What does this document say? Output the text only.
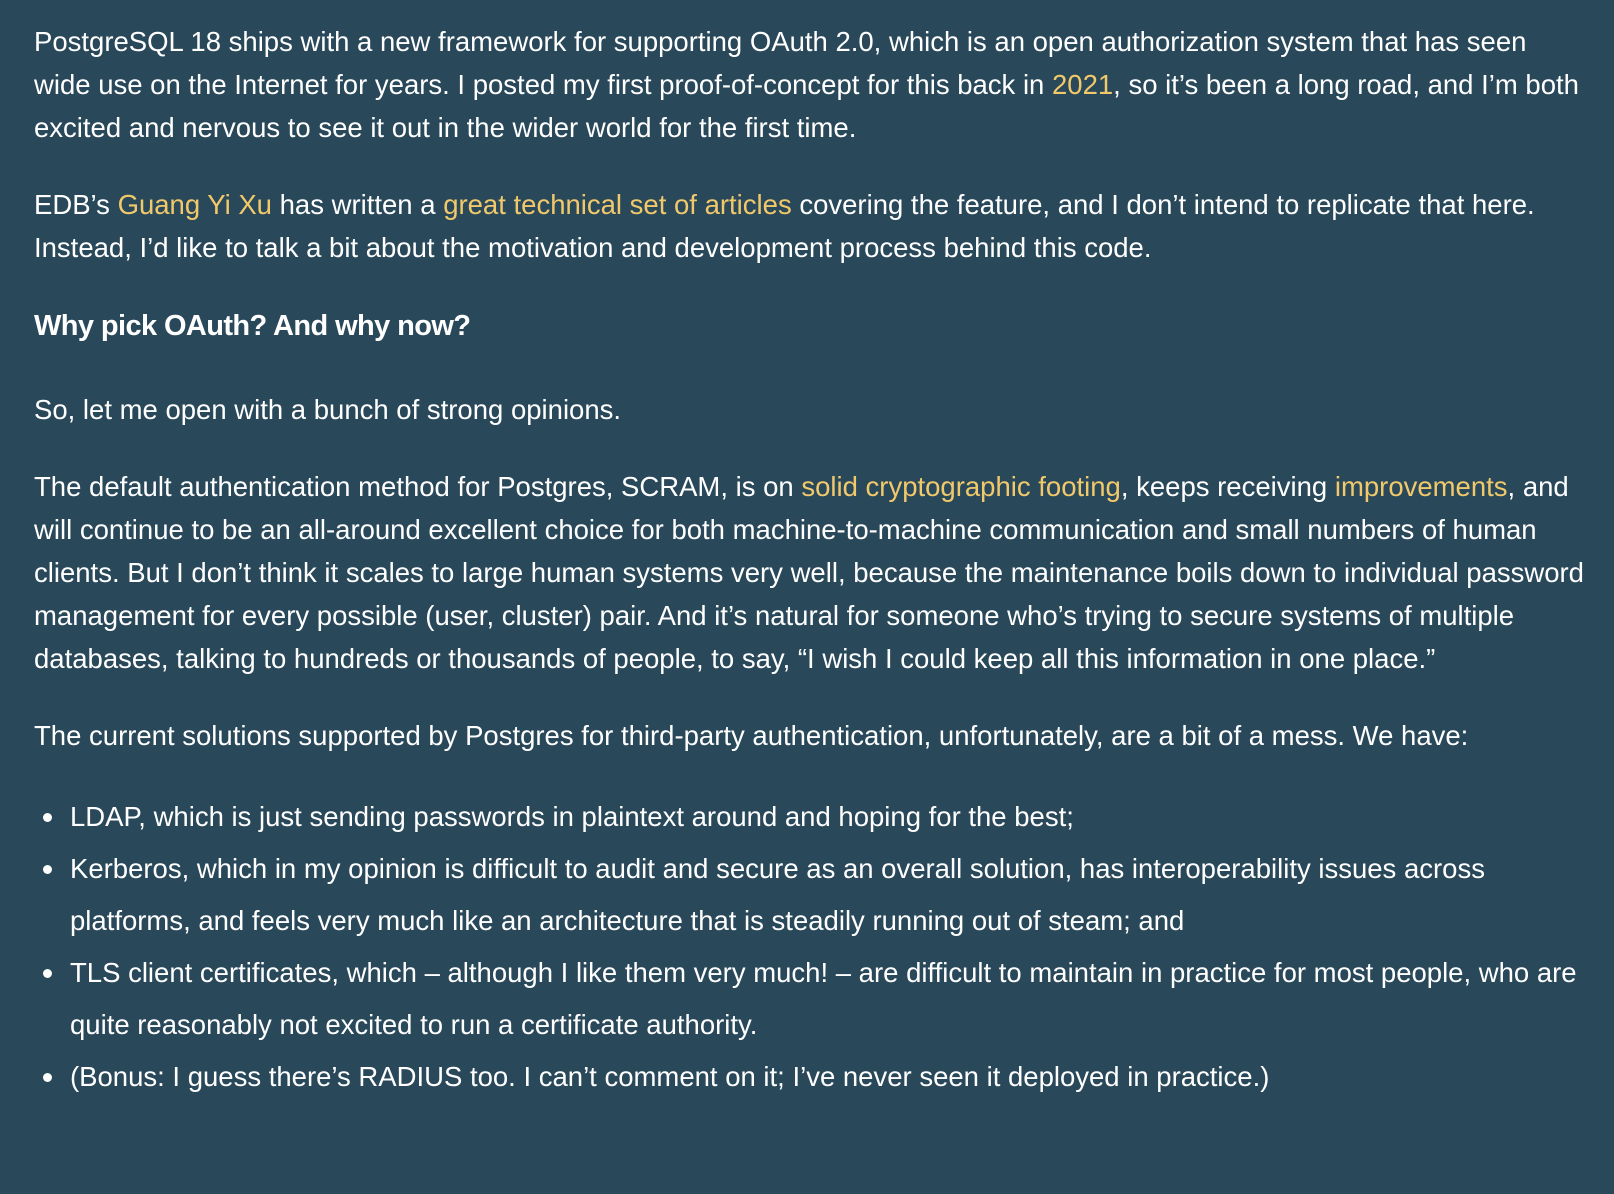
PostgreSQL 18 ships with a new framework for supporting OAuth 2.0, which is an open authorization system that has seen wide use on the Internet for years. I posted my first proof-of-concept for this back in 2021, so it’s been a long road, and I’m both excited and nervous to see it out in the wider world for the first time.

EDB’s Guang Yi Xu has written a great technical set of articles covering the feature, and I don’t intend to replicate that here. Instead, I’d like to talk a bit about the motivation and development process behind this code.

Why pick OAuth? And why now?

So, let me open with a bunch of strong opinions.

The default authentication method for Postgres, SCRAM, is on solid cryptographic footing, keeps receiving improvements, and will continue to be an all-around excellent choice for both machine-to-machine communication and small numbers of human clients. But I don’t think it scales to large human systems very well, because the maintenance boils down to individual password management for every possible (user, cluster) pair. And it’s natural for someone who’s trying to secure systems of multiple databases, talking to hundreds or thousands of people, to say, “I wish I could keep all this information in one place.”

The current solutions supported by Postgres for third-party authentication, unfortunately, are a bit of a mess. We have:

LDAP, which is just sending passwords in plaintext around and hoping for the best;
Kerberos, which in my opinion is difficult to audit and secure as an overall solution, has interoperability issues across platforms, and feels very much like an architecture that is steadily running out of steam; and
TLS client certificates, which – although I like them very much! – are difficult to maintain in practice for most people, who are quite reasonably not excited to run a certificate authority.
(Bonus: I guess there’s RADIUS too. I can’t comment on it; I’ve never seen it deployed in practice.)
